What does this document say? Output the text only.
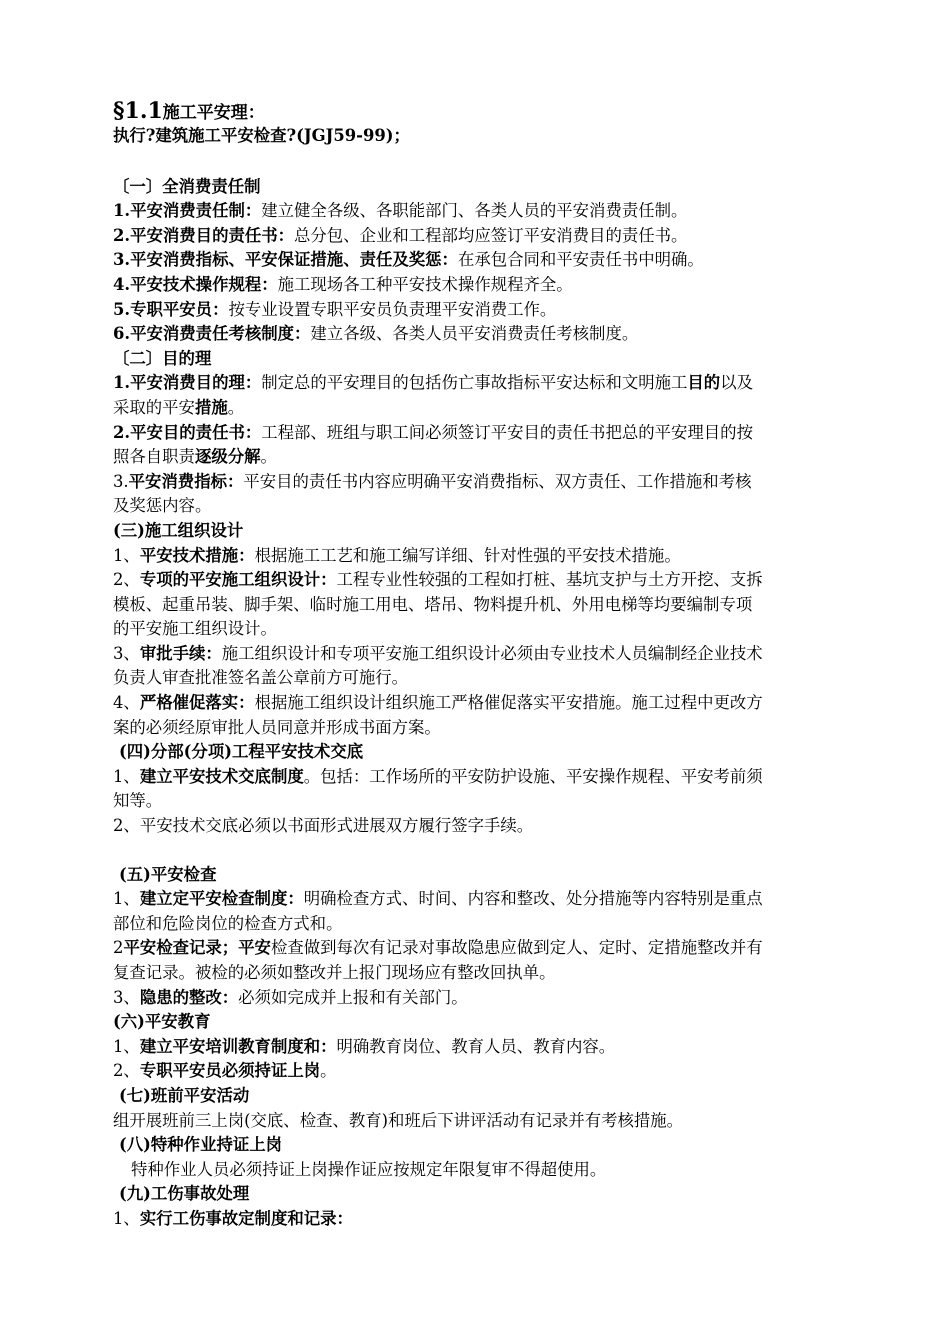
§1.1施工平安理：
执行?建筑施工平安检查?(JGJ59-99)；
〔一〕全消费责任制
1.平安消费责任制：建立健全各级、各职能部门、各类人员的平安消费责任制。
2.平安消费目的责任书：总分包、企业和工程部均应签订平安消费目的责任书。
3.平安消费指标、平安保证措施、责任及奖惩：在承包合同和平安责任书中明确。
4.平安技术操作规程：施工现场各工种平安技术操作规程齐全。
5.专职平安员：按专业设置专职平安员负责理平安消费工作。
6.平安消费责任考核制度：建立各级、各类人员平安消费责任考核制度。
〔二〕目的理
1.平安消费目的理：制定总的平安理目的包括伤亡事故指标平安达标和文明施工目的以及
采取的平安措施。
2.平安目的责任书：工程部、班组与职工间必须签订平安目的责任书把总的平安理目的按
照各自职责逐级分解。
3.平安消费指标：平安目的责任书内容应明确平安消费指标、双方责任、工作措施和考核
及奖惩内容。
(三)施工组织设计
1、平安技术措施：根据施工工艺和施工编写详细、针对性强的平安技术措施。
2、专项的平安施工组织设计：工程专业性较强的工程如打桩、基坑支护与土方开挖、支拆
模板、起重吊装、脚手架、临时施工用电、塔吊、物料提升机、外用电梯等均要编制专项
的平安施工组织设计。
3、审批手续：施工组织设计和专项平安施工组织设计必须由专业技术人员编制经企业技术
负责人审查批准签名盖公章前方可施行。
4、严格催促落实：根据施工组织设计组织施工严格催促落实平安措施。施工过程中更改方
案的必须经原审批人员同意并形成书面方案。
(四)分部(分项)工程平安技术交底
1、建立平安技术交底制度。包括：工作场所的平安防护设施、平安操作规程、平安考前须
知等。
2、平安技术交底必须以书面形式进展双方履行签字手续。
(五)平安检查
1、建立定平安检查制度：明确检查方式、时间、内容和整改、处分措施等内容特别是重点
部位和危险岗位的检查方式和。
2平安检查记录；平安检查做到每次有记录对事故隐患应做到定人、定时、定措施整改并有
复查记录。被检的必须如整改并上报门现场应有整改回执单。
3、隐患的整改：必须如完成并上报和有关部门。
(六)平安教育
1、建立平安培训教育制度和：明确教育岗位、教育人员、教育内容。
2、专职平安员必须持证上岗。
(七)班前平安活动
组开展班前三上岗(交底、检查、教育)和班后下讲评活动有记录并有考核措施。
(八)特种作业持证上岗
特种作业人员必须持证上岗操作证应按规定年限复审不得超使用。
(九)工伤事故处理
1、实行工伤事故定制度和记录：
